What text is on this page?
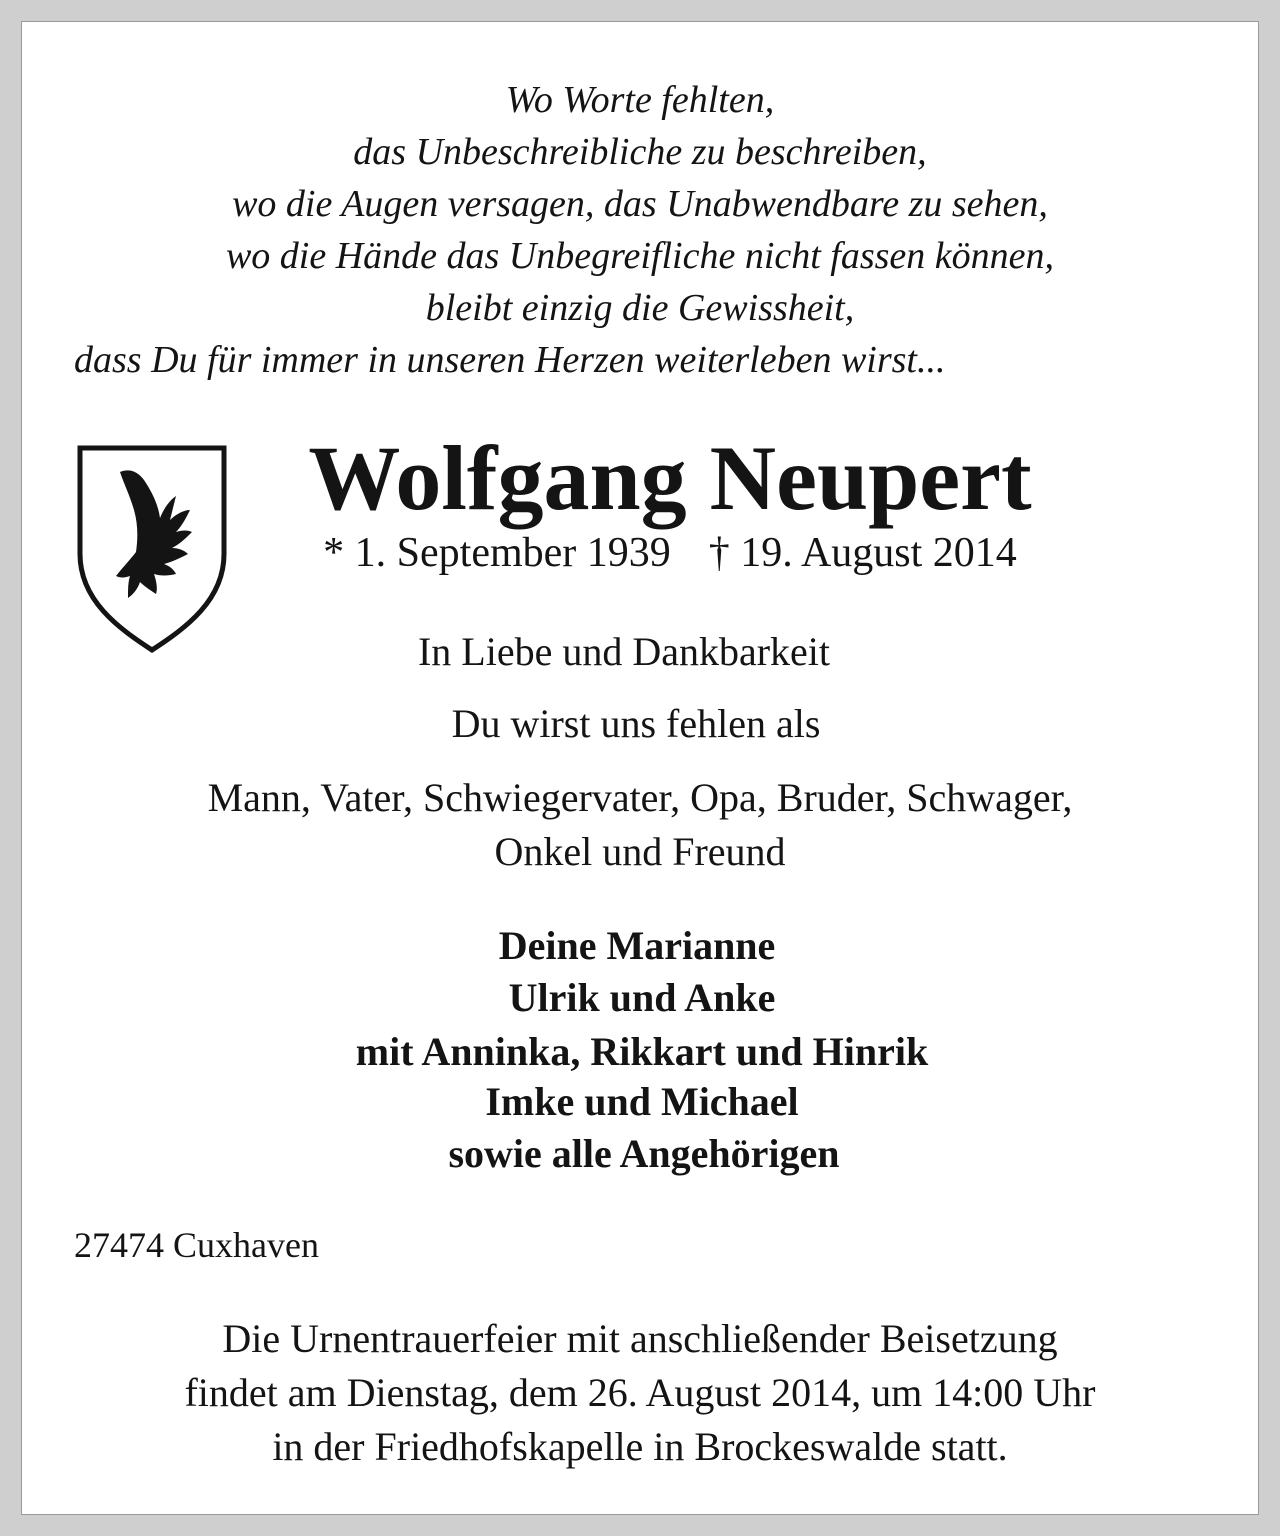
Wo Worte fehlten,
das Unbeschreibliche zu beschreiben,
wo die Augen versagen, das Unabwendbare zu sehen,
wo die Hände das Unbegreifliche nicht fassen können,
bleibt einzig die Gewissheit,
dass Du für immer in unseren Herzen weiterleben wirst...
Wolfgang Neupert
* 1. September 1939 † 19. August 2014
In Liebe und Dankbarkeit
Du wirst uns fehlen als
Mann, Vater, Schwiegervater, Opa, Bruder, Schwager,
Onkel und Freund
Deine Marianne
Ulrik und Anke
mit Anninka, Rikkart und Hinrik
Imke und Michael
sowie alle Angehörigen
27474 Cuxhaven
Die Urnentrauerfeier mit anschließender Beisetzung
findet am Dienstag, dem 26. August 2014, um 14:00 Uhr
in der Friedhofskapelle in Brockeswalde statt.
